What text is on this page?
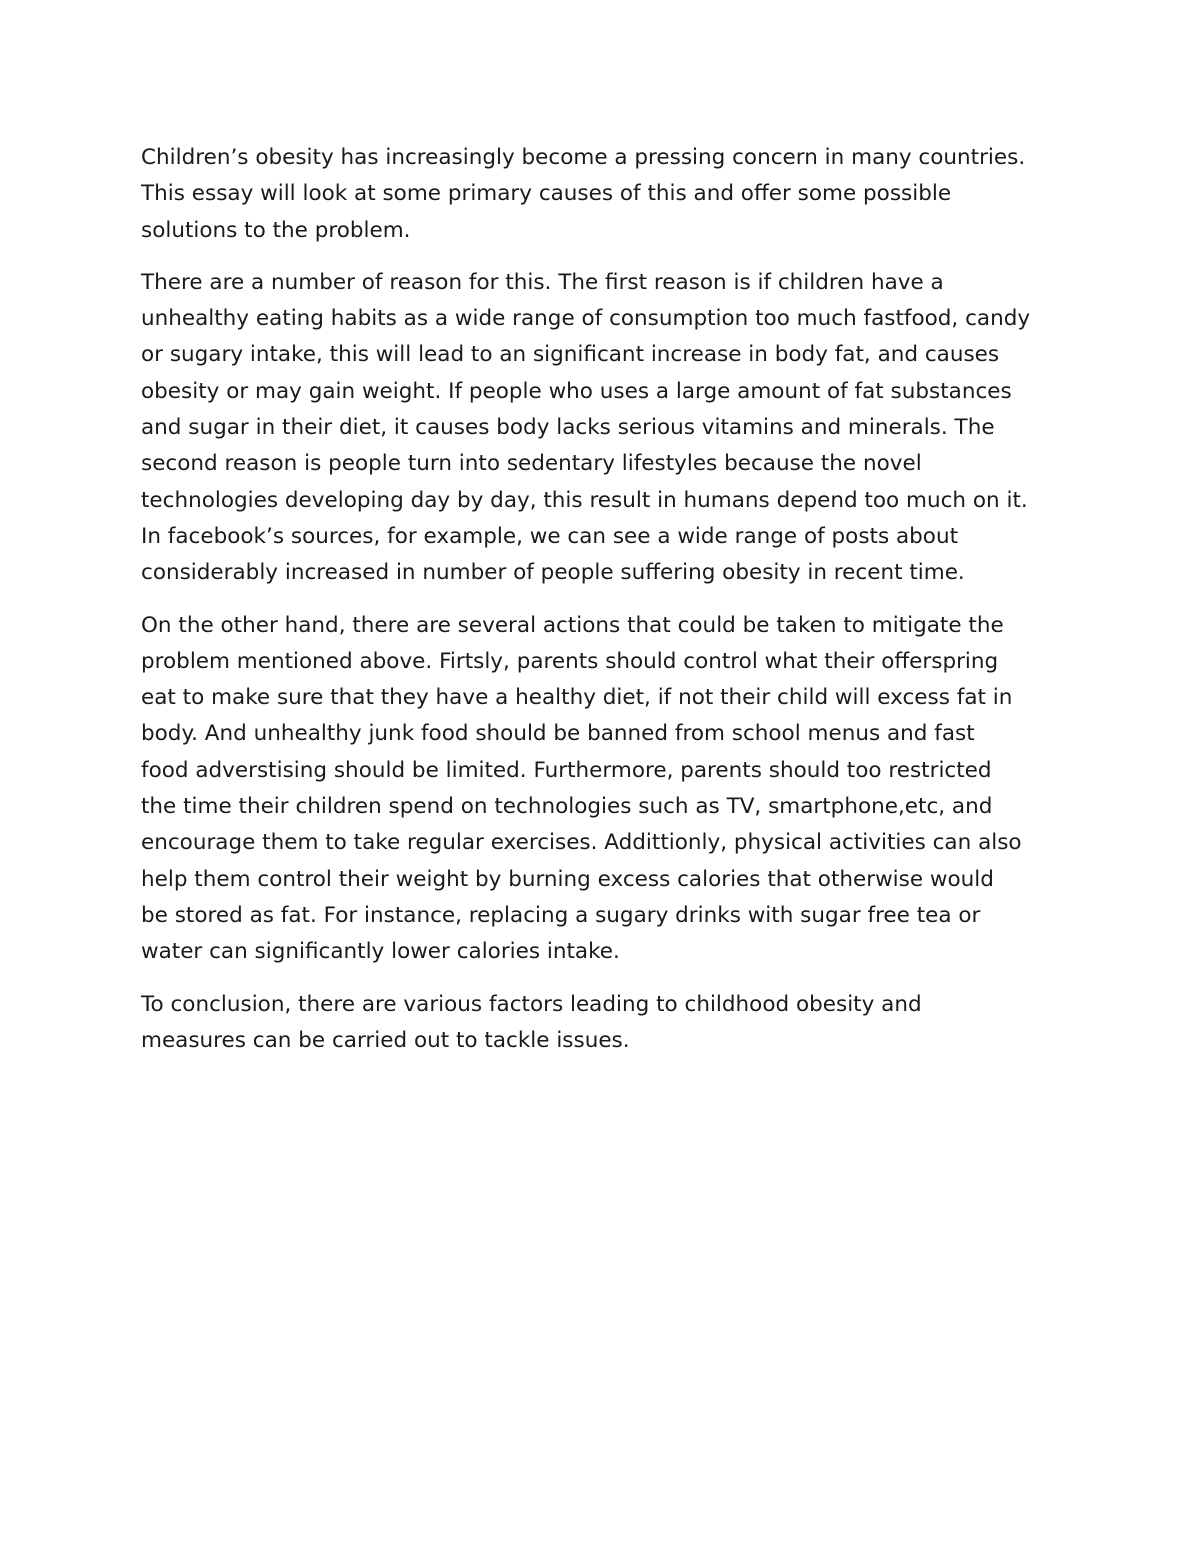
Children’s obesity has increasingly become a pressing concern in many countries.
This essay will look at some primary causes of this and offer some possible
solutions to the problem.

There are a number of reason for this. The first reason is if children have a
unhealthy eating habits as a wide range of consumption too much fastfood, candy
or sugary intake, this will lead to an significant increase in body fat, and causes
obesity or may gain weight. If people who uses a large amount of fat substances
and sugar in their diet, it causes body lacks serious vitamins and minerals. The
second reason is people turn into sedentary lifestyles because the novel
technologies developing day by day, this result in humans depend too much on it.
In facebook’s sources, for example, we can see a wide range of posts about
considerably increased in number of people suffering obesity in recent time.

On the other hand, there are several actions that could be taken to mitigate the
problem mentioned above. Firtsly, parents should control what their offerspring
eat to make sure that they have a healthy diet, if not their child will excess fat in
body. And unhealthy junk food should be banned from school menus and fast
food adverstising should be limited. Furthermore, parents should too restricted
the time their children spend on technologies such as TV, smartphone,etc, and
encourage them to take regular exercises. Addittionly, physical activities can also
help them control their weight by burning excess calories that otherwise would
be stored as fat. For instance, replacing a sugary drinks with sugar free tea or
water can significantly lower calories intake.

To conclusion, there are various factors leading to childhood obesity and
measures can be carried out to tackle issues.
